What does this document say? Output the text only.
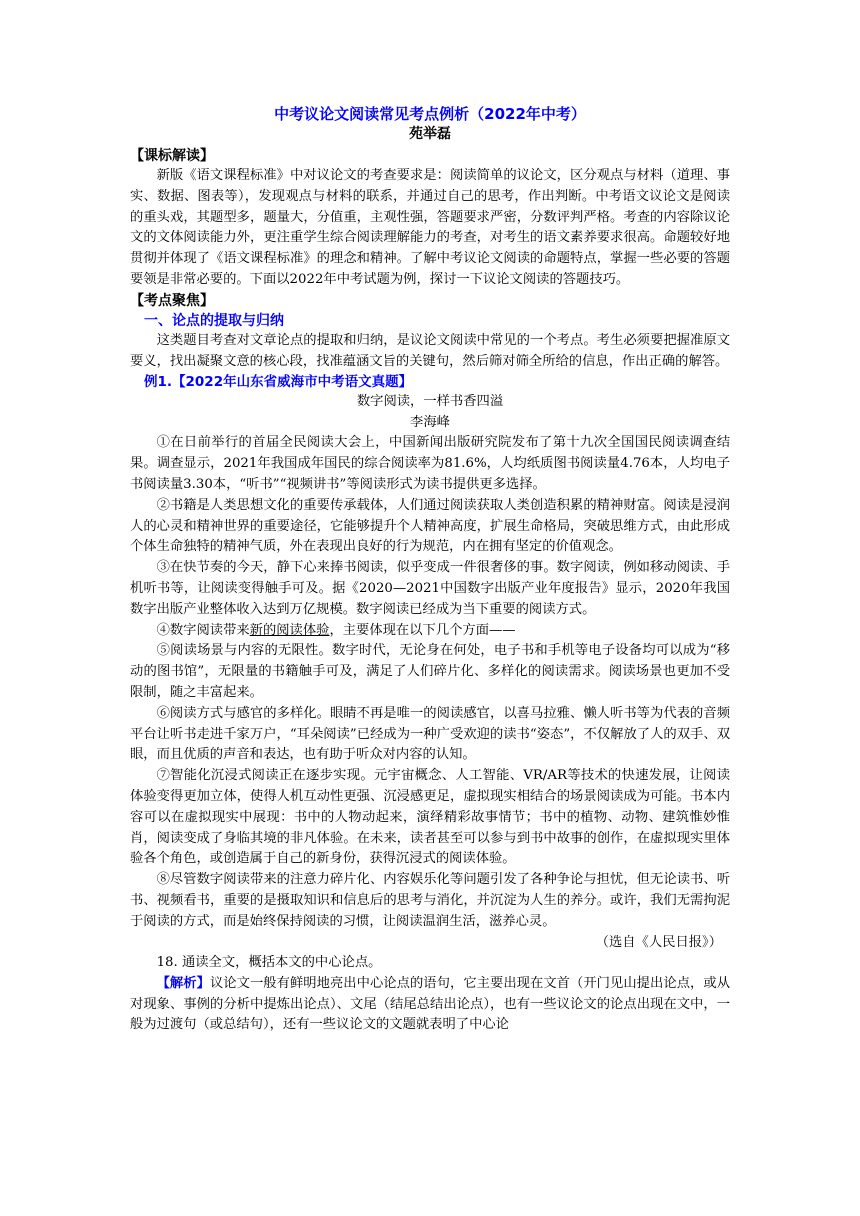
中考议论文阅读常见考点例析（2022年中考）

苑举磊

【课标解读】

新版《语文课程标准》中对议论文的考查要求是：阅读简单的议论文，区分观点与材料（道理、事实、数据、图表等），发现观点与材料的联系，并通过自己的思考，作出判断。中考语文议论文是阅读的重头戏，其题型多，题量大，分值重，主观性强，答题要求严密，分数评判严格。考查的内容除议论文的文体阅读能力外，更注重学生综合阅读理解能力的考查，对考生的语文素养要求很高。命题较好地贯彻并体现了《语文课程标准》的理念和精神。了解中考议论文阅读的命题特点，掌握一些必要的答题要领是非常必要的。下面以2022年中考试题为例，探讨一下议论文阅读的答题技巧。

【考点聚焦】

一、论点的提取与归纳

这类题目考查对文章论点的提取和归纳，是议论文阅读中常见的一个考点。考生必须要把握准原文要义，找出凝聚文意的核心段，找准蕴涵文旨的关键句，然后筛对筛全所给的信息，作出正确的解答。

例1.【2022年山东省威海市中考语文真题】

数字阅读，一样书香四溢

李海峰

①在日前举行的首届全民阅读大会上，中国新闻出版研究院发布了第十九次全国国民阅读调查结果。调查显示，2021年我国成年国民的综合阅读率为81.6%，人均纸质图书阅读量4.76本，人均电子书阅读量3.30本，“听书”“视频讲书”等阅读形式为读书提供更多选择。

②书籍是人类思想文化的重要传承载体，人们通过阅读获取人类创造积累的精神财富。阅读是浸润人的心灵和精神世界的重要途径，它能够提升个人精神高度，扩展生命格局，突破思维方式，由此形成个体生命独特的精神气质，外在表现出良好的行为规范，内在拥有坚定的价值观念。

③在快节奏的今天，静下心来捧书阅读，似乎变成一件很奢侈的事。数字阅读，例如移动阅读、手机听书等，让阅读变得触手可及。据《2020—2021中国数字出版产业年度报告》显示，2020年我国数字出版产业整体收入达到万亿规模。数字阅读已经成为当下重要的阅读方式。

④数字阅读带来新的阅读体验，主要体现在以下几个方面——

⑤阅读场景与内容的无限性。数字时代，无论身在何处，电子书和手机等电子设备均可以成为“移动的图书馆”，无限量的书籍触手可及，满足了人们碎片化、多样化的阅读需求。阅读场景也更加不受限制，随之丰富起来。

⑥阅读方式与感官的多样化。眼睛不再是唯一的阅读感官，以喜马拉雅、懒人听书等为代表的音频平台让听书走进千家万户，“耳朵阅读”已经成为一种广受欢迎的读书“姿态”，不仅解放了人的双手、双眼，而且优质的声音和表达，也有助于听众对内容的认知。

⑦智能化沉浸式阅读正在逐步实现。元宇宙概念、人工智能、VR/AR等技术的快速发展，让阅读体验变得更加立体，使得人机互动性更强、沉浸感更足，虚拟现实相结合的场景阅读成为可能。书本内容可以在虚拟现实中展现：书中的人物动起来，演绎精彩故事情节；书中的植物、动物、建筑惟妙惟肖，阅读变成了身临其境的非凡体验。在未来，读者甚至可以参与到书中故事的创作，在虚拟现实里体验各个角色，或创造属于自己的新身份，获得沉浸式的阅读体验。

⑧尽管数字阅读带来的注意力碎片化、内容娱乐化等问题引发了各种争论与担忧，但无论读书、听书、视频看书，重要的是摄取知识和信息后的思考与消化，并沉淀为人生的养分。或许，我们无需拘泥于阅读的方式，而是始终保持阅读的习惯，让阅读温润生活，滋养心灵。

（选自《人民日报》）

18. 通读全文，概括本文的中心论点。

【解析】议论文一般有鲜明地亮出中心论点的语句，它主要出现在文首（开门见山提出论点，或从对现象、事例的分析中提炼出论点）、文尾（结尾总结出论点），也有一些议论文的论点出现在文中，一般为过渡句（或总结句），还有一些议论文的文题就表明了中心论
